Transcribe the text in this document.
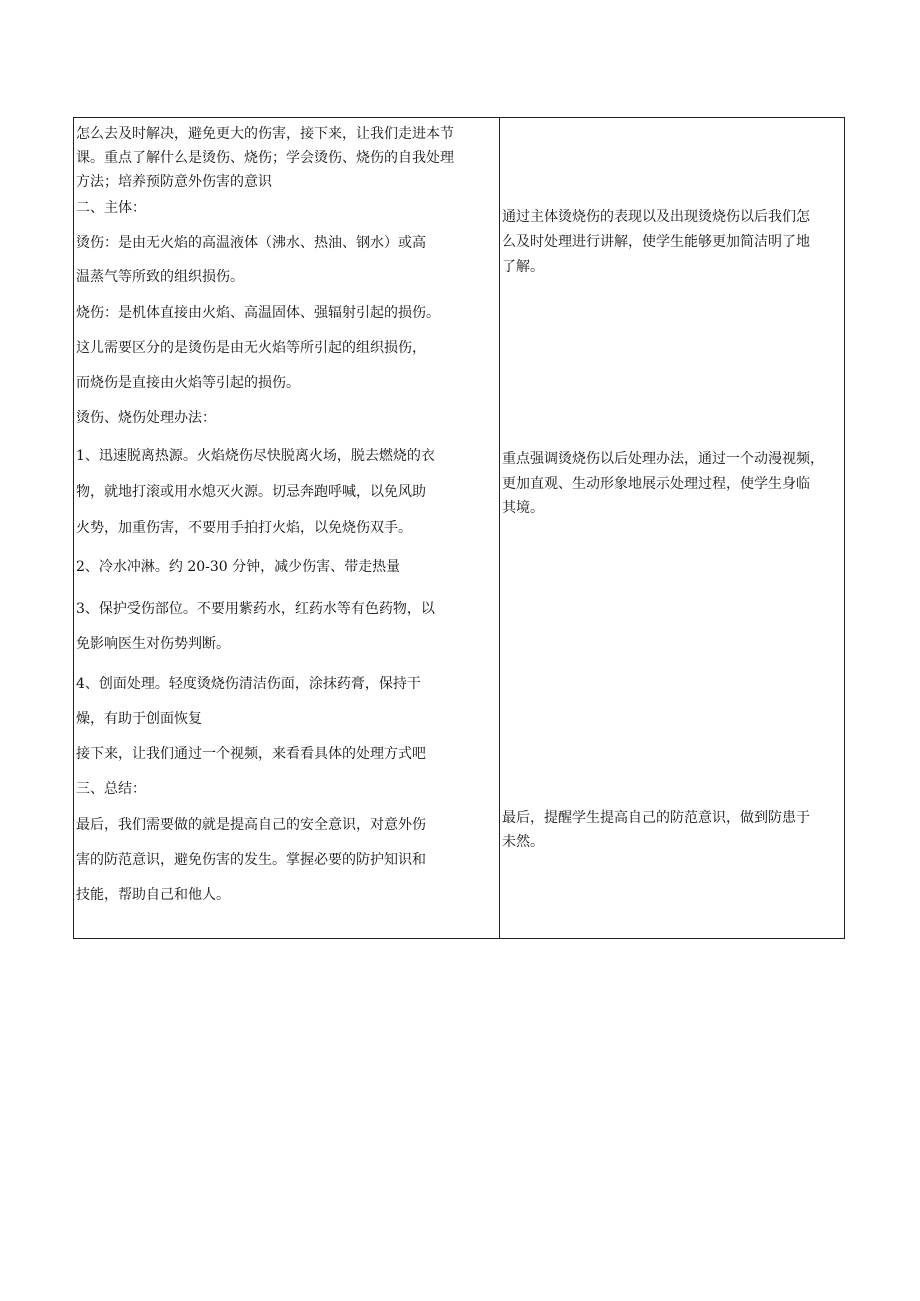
怎么去及时解决，避免更大的伤害，接下来，让我们走进本节
课。重点了解什么是烫伤、烧伤；学会烫伤、烧伤的自我处理
方法；培养预防意外伤害的意识
二、主体：
烫伤：是由无火焰的高温液体（沸水、热油、钢水）或高
温蒸气等所致的组织损伤。
烧伤：是机体直接由火焰、高温固体、强辐射引起的损伤。
这儿需要区分的是烫伤是由无火焰等所引起的组织损伤，
而烧伤是直接由火焰等引起的损伤。
烫伤、烧伤处理办法：
1、迅速脱离热源。火焰烧伤尽快脱离火场，脱去燃烧的衣
物，就地打滚或用水熄灭火源。切忌奔跑呼喊，以免风助
火势，加重伤害，不要用手拍打火焰，以免烧伤双手。
2、冷水冲淋。约 20-30 分钟，减少伤害、带走热量
3、保护受伤部位。不要用紫药水，红药水等有色药物，以
免影响医生对伤势判断。
4、创面处理。轻度烫烧伤清洁伤面，涂抹药膏，保持干
燥，有助于创面恢复
接下来，让我们通过一个视频，来看看具体的处理方式吧
三、总结：
最后，我们需要做的就是提高自己的安全意识，对意外伤
害的防范意识，避免伤害的发生。掌握必要的防护知识和
技能，帮助自己和他人。
通过主体烫烧伤的表现以及出现烫烧伤以后我们怎
么及时处理进行讲解，使学生能够更加简洁明了地
了解。
重点强调烫烧伤以后处理办法，通过一个动漫视频，
更加直观、生动形象地展示处理过程，使学生身临
其境。
最后，提醒学生提高自己的防范意识，做到防患于
未然。
